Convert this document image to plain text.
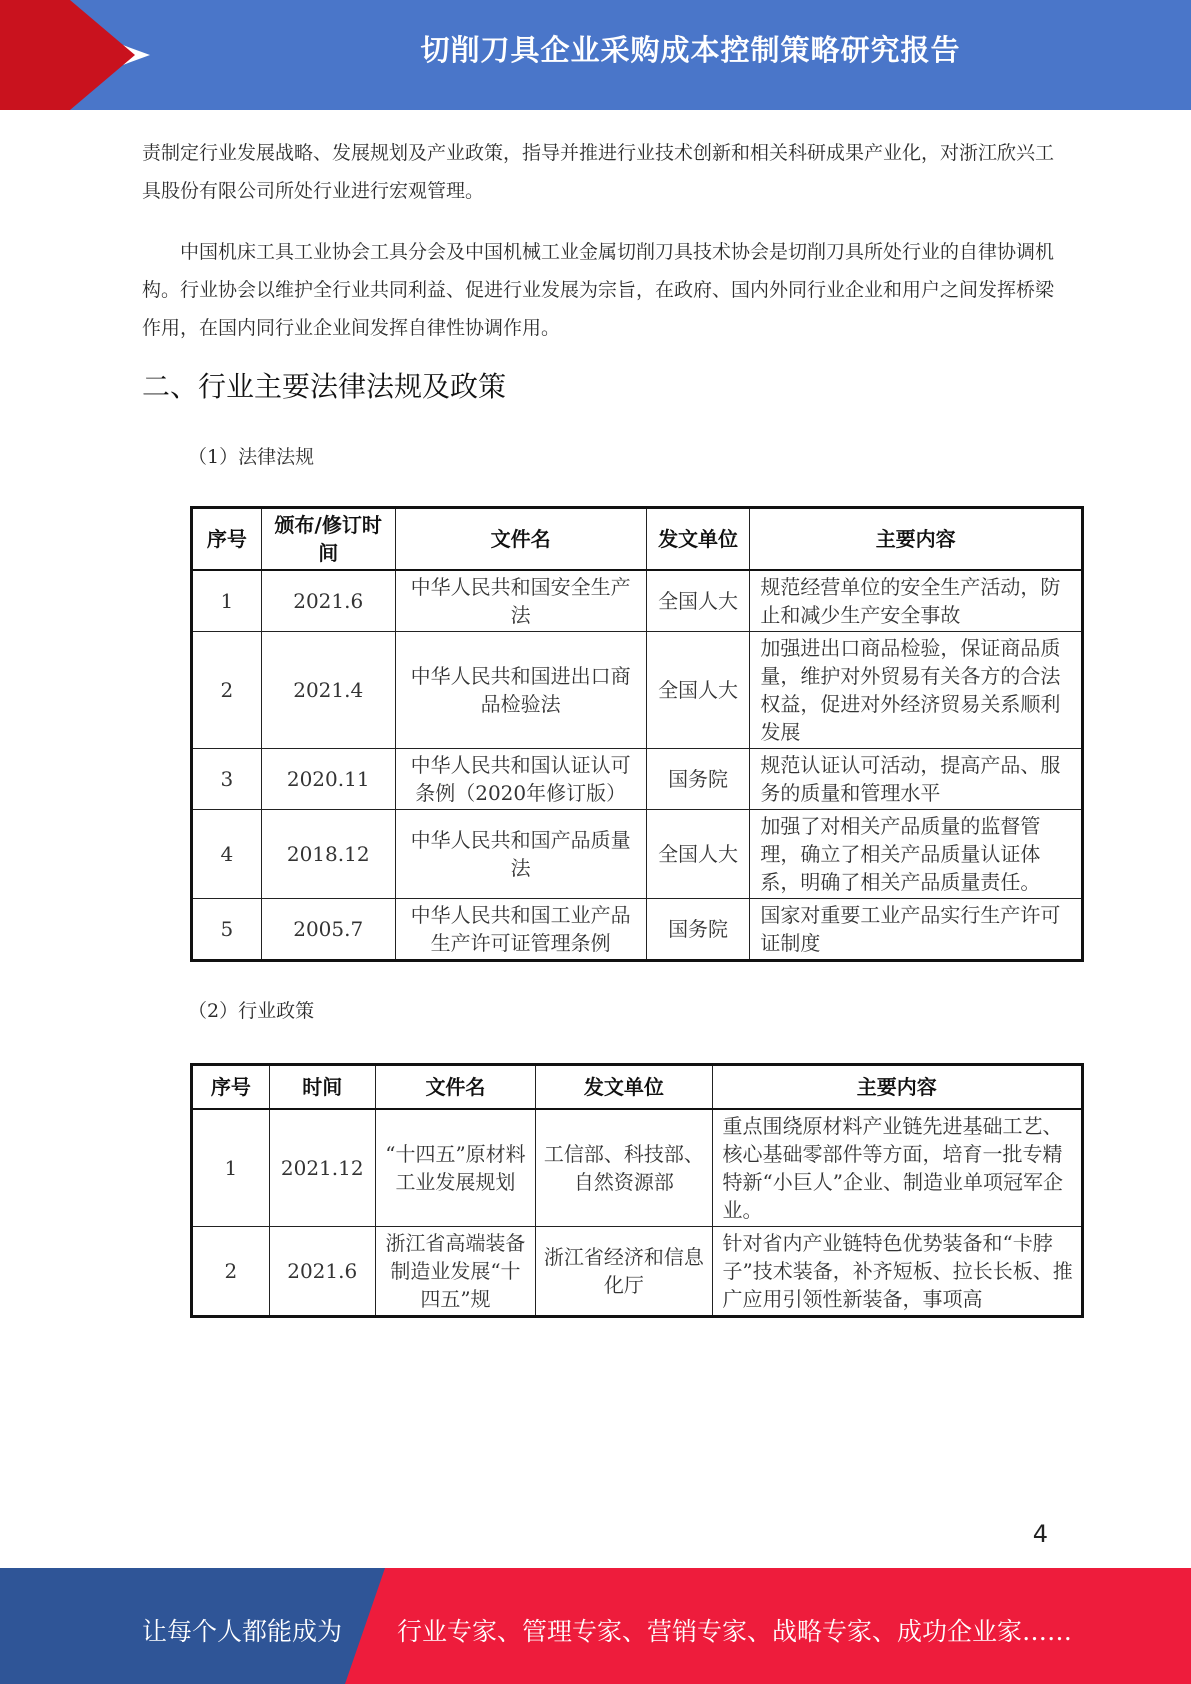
切削刀具企业采购成本控制策略研究报告

责制定行业发展战略、发展规划及产业政策，指导并推进行业技术创新和相关科研成果产业化，对浙江欣兴工具股份有限公司所处行业进行宏观管理。

中国机床工具工业协会工具分会及中国机械工业金属切削刀具技术协会是切削刀具所处行业的自律协调机构。行业协会以维护全行业共同利益、促进行业发展为宗旨，在政府、国内外同行业企业和用户之间发挥桥梁作用，在国内同行业企业间发挥自律性协调作用。

二、行业主要法律法规及政策

（1）法律法规

序号	颁布/修订时间	文件名	发文单位	主要内容
1	2021.6	中华人民共和国安全生产法	全国人大	规范经营单位的安全生产活动，防止和减少生产安全事故
2	2021.4	中华人民共和国进出口商品检验法	全国人大	加强进出口商品检验，保证商品质量，维护对外贸易有关各方的合法权益，促进对外经济贸易关系顺利发展
3	2020.11	中华人民共和国认证认可条例（2020年修订版）	国务院	规范认证认可活动，提高产品、服务的质量和管理水平
4	2018.12	中华人民共和国产品质量法	全国人大	加强了对相关产品质量的监督管理，确立了相关产品质量认证体系，明确了相关产品质量责任。
5	2005.7	中华人民共和国工业产品生产许可证管理条例	国务院	国家对重要工业产品实行生产许可证制度

（2）行业政策

序号	时间	文件名	发文单位	主要内容
1	2021.12	“十四五”原材料工业发展规划	工信部、科技部、自然资源部	重点围绕原材料产业链先进基础工艺、核心基础零部件等方面，培育一批专精特新“小巨人”企业、制造业单项冠军企业。
2	2021.6	浙江省高端装备制造业发展“十四五”规	浙江省经济和信息化厅	针对省内产业链特色优势装备和“卡脖子”技术装备，补齐短板、拉长长板、推广应用引领性新装备，事项高
4
让每个人都能成为 行业专家、管理专家、营销专家、战略专家、成功企业家……
